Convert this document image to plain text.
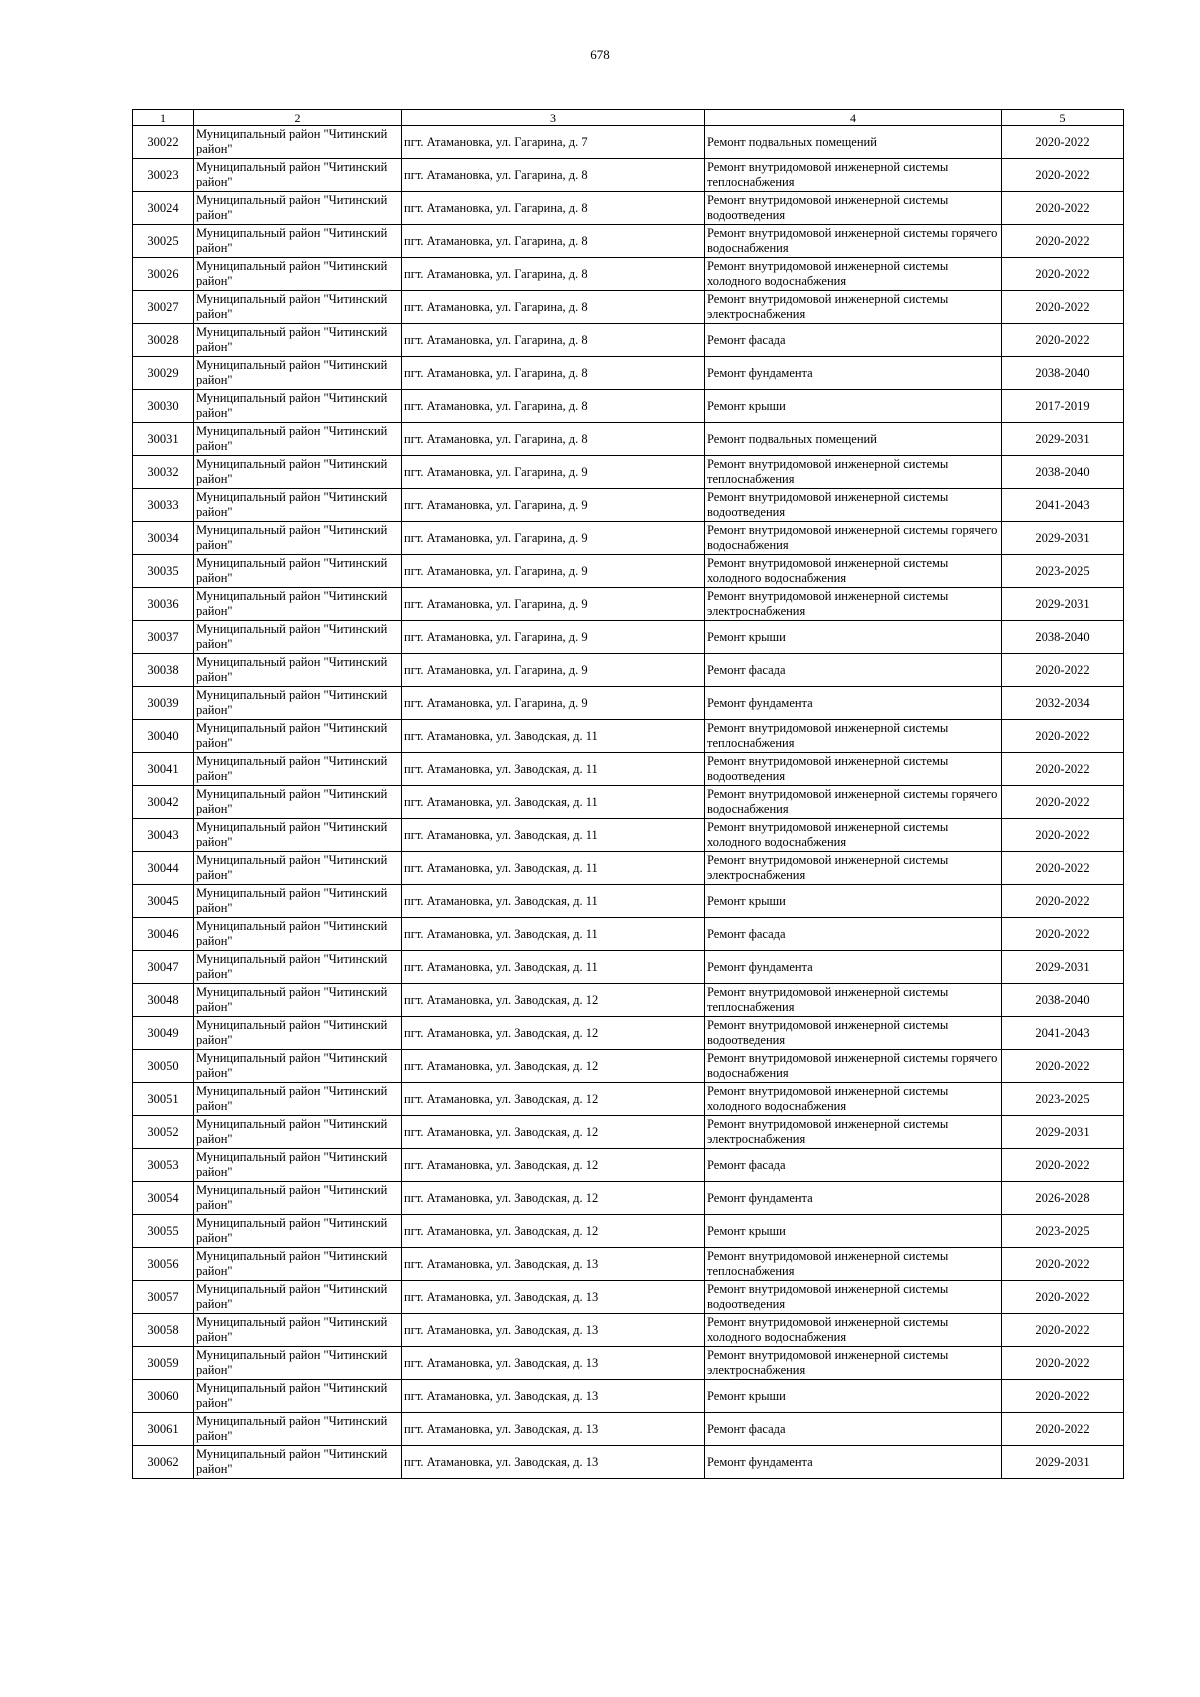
678
1	2	3	4	5
30022	Муниципальный район "Читинский район"	пгт. Атамановка, ул. Гагарина, д. 7	Ремонт подвальных помещений	2020-2022
30023	Муниципальный район "Читинский район"	пгт. Атамановка, ул. Гагарина, д. 8	Ремонт внутридомовой инженерной системы теплоснабжения	2020-2022
30024	Муниципальный район "Читинский район"	пгт. Атамановка, ул. Гагарина, д. 8	Ремонт внутридомовой инженерной системы водоотведения	2020-2022
30025	Муниципальный район "Читинский район"	пгт. Атамановка, ул. Гагарина, д. 8	Ремонт внутридомовой инженерной системы горячего водоснабжения	2020-2022
30026	Муниципальный район "Читинский район"	пгт. Атамановка, ул. Гагарина, д. 8	Ремонт внутридомовой инженерной системы холодного водоснабжения	2020-2022
30027	Муниципальный район "Читинский район"	пгт. Атамановка, ул. Гагарина, д. 8	Ремонт внутридомовой инженерной системы электроснабжения	2020-2022
30028	Муниципальный район "Читинский район"	пгт. Атамановка, ул. Гагарина, д. 8	Ремонт фасада	2020-2022
30029	Муниципальный район "Читинский район"	пгт. Атамановка, ул. Гагарина, д. 8	Ремонт фундамента	2038-2040
30030	Муниципальный район "Читинский район"	пгт. Атамановка, ул. Гагарина, д. 8	Ремонт крыши	2017-2019
30031	Муниципальный район "Читинский район"	пгт. Атамановка, ул. Гагарина, д. 8	Ремонт подвальных помещений	2029-2031
30032	Муниципальный район "Читинский район"	пгт. Атамановка, ул. Гагарина, д. 9	Ремонт внутридомовой инженерной системы теплоснабжения	2038-2040
30033	Муниципальный район "Читинский район"	пгт. Атамановка, ул. Гагарина, д. 9	Ремонт внутридомовой инженерной системы водоотведения	2041-2043
30034	Муниципальный район "Читинский район"	пгт. Атамановка, ул. Гагарина, д. 9	Ремонт внутридомовой инженерной системы горячего водоснабжения	2029-2031
30035	Муниципальный район "Читинский район"	пгт. Атамановка, ул. Гагарина, д. 9	Ремонт внутридомовой инженерной системы холодного водоснабжения	2023-2025
30036	Муниципальный район "Читинский район"	пгт. Атамановка, ул. Гагарина, д. 9	Ремонт внутридомовой инженерной системы электроснабжения	2029-2031
30037	Муниципальный район "Читинский район"	пгт. Атамановка, ул. Гагарина, д. 9	Ремонт крыши	2038-2040
30038	Муниципальный район "Читинский район"	пгт. Атамановка, ул. Гагарина, д. 9	Ремонт фасада	2020-2022
30039	Муниципальный район "Читинский район"	пгт. Атамановка, ул. Гагарина, д. 9	Ремонт фундамента	2032-2034
30040	Муниципальный район "Читинский район"	пгт. Атамановка, ул. Заводская, д. 11	Ремонт внутридомовой инженерной системы теплоснабжения	2020-2022
30041	Муниципальный район "Читинский район"	пгт. Атамановка, ул. Заводская, д. 11	Ремонт внутридомовой инженерной системы водоотведения	2020-2022
30042	Муниципальный район "Читинский район"	пгт. Атамановка, ул. Заводская, д. 11	Ремонт внутридомовой инженерной системы горячего водоснабжения	2020-2022
30043	Муниципальный район "Читинский район"	пгт. Атамановка, ул. Заводская, д. 11	Ремонт внутридомовой инженерной системы холодного водоснабжения	2020-2022
30044	Муниципальный район "Читинский район"	пгт. Атамановка, ул. Заводская, д. 11	Ремонт внутридомовой инженерной системы электроснабжения	2020-2022
30045	Муниципальный район "Читинский район"	пгт. Атамановка, ул. Заводская, д. 11	Ремонт крыши	2020-2022
30046	Муниципальный район "Читинский район"	пгт. Атамановка, ул. Заводская, д. 11	Ремонт фасада	2020-2022
30047	Муниципальный район "Читинский район"	пгт. Атамановка, ул. Заводская, д. 11	Ремонт фундамента	2029-2031
30048	Муниципальный район "Читинский район"	пгт. Атамановка, ул. Заводская, д. 12	Ремонт внутридомовой инженерной системы теплоснабжения	2038-2040
30049	Муниципальный район "Читинский район"	пгт. Атамановка, ул. Заводская, д. 12	Ремонт внутридомовой инженерной системы водоотведения	2041-2043
30050	Муниципальный район "Читинский район"	пгт. Атамановка, ул. Заводская, д. 12	Ремонт внутридомовой инженерной системы горячего водоснабжения	2020-2022
30051	Муниципальный район "Читинский район"	пгт. Атамановка, ул. Заводская, д. 12	Ремонт внутридомовой инженерной системы холодного водоснабжения	2023-2025
30052	Муниципальный район "Читинский район"	пгт. Атамановка, ул. Заводская, д. 12	Ремонт внутридомовой инженерной системы электроснабжения	2029-2031
30053	Муниципальный район "Читинский район"	пгт. Атамановка, ул. Заводская, д. 12	Ремонт фасада	2020-2022
30054	Муниципальный район "Читинский район"	пгт. Атамановка, ул. Заводская, д. 12	Ремонт фундамента	2026-2028
30055	Муниципальный район "Читинский район"	пгт. Атамановка, ул. Заводская, д. 12	Ремонт крыши	2023-2025
30056	Муниципальный район "Читинский район"	пгт. Атамановка, ул. Заводская, д. 13	Ремонт внутридомовой инженерной системы теплоснабжения	2020-2022
30057	Муниципальный район "Читинский район"	пгт. Атамановка, ул. Заводская, д. 13	Ремонт внутридомовой инженерной системы водоотведения	2020-2022
30058	Муниципальный район "Читинский район"	пгт. Атамановка, ул. Заводская, д. 13	Ремонт внутридомовой инженерной системы холодного водоснабжения	2020-2022
30059	Муниципальный район "Читинский район"	пгт. Атамановка, ул. Заводская, д. 13	Ремонт внутридомовой инженерной системы электроснабжения	2020-2022
30060	Муниципальный район "Читинский район"	пгт. Атамановка, ул. Заводская, д. 13	Ремонт крыши	2020-2022
30061	Муниципальный район "Читинский район"	пгт. Атамановка, ул. Заводская, д. 13	Ремонт фасада	2020-2022
30062	Муниципальный район "Читинский район"	пгт. Атамановка, ул. Заводская, д. 13	Ремонт фундамента	2029-2031
